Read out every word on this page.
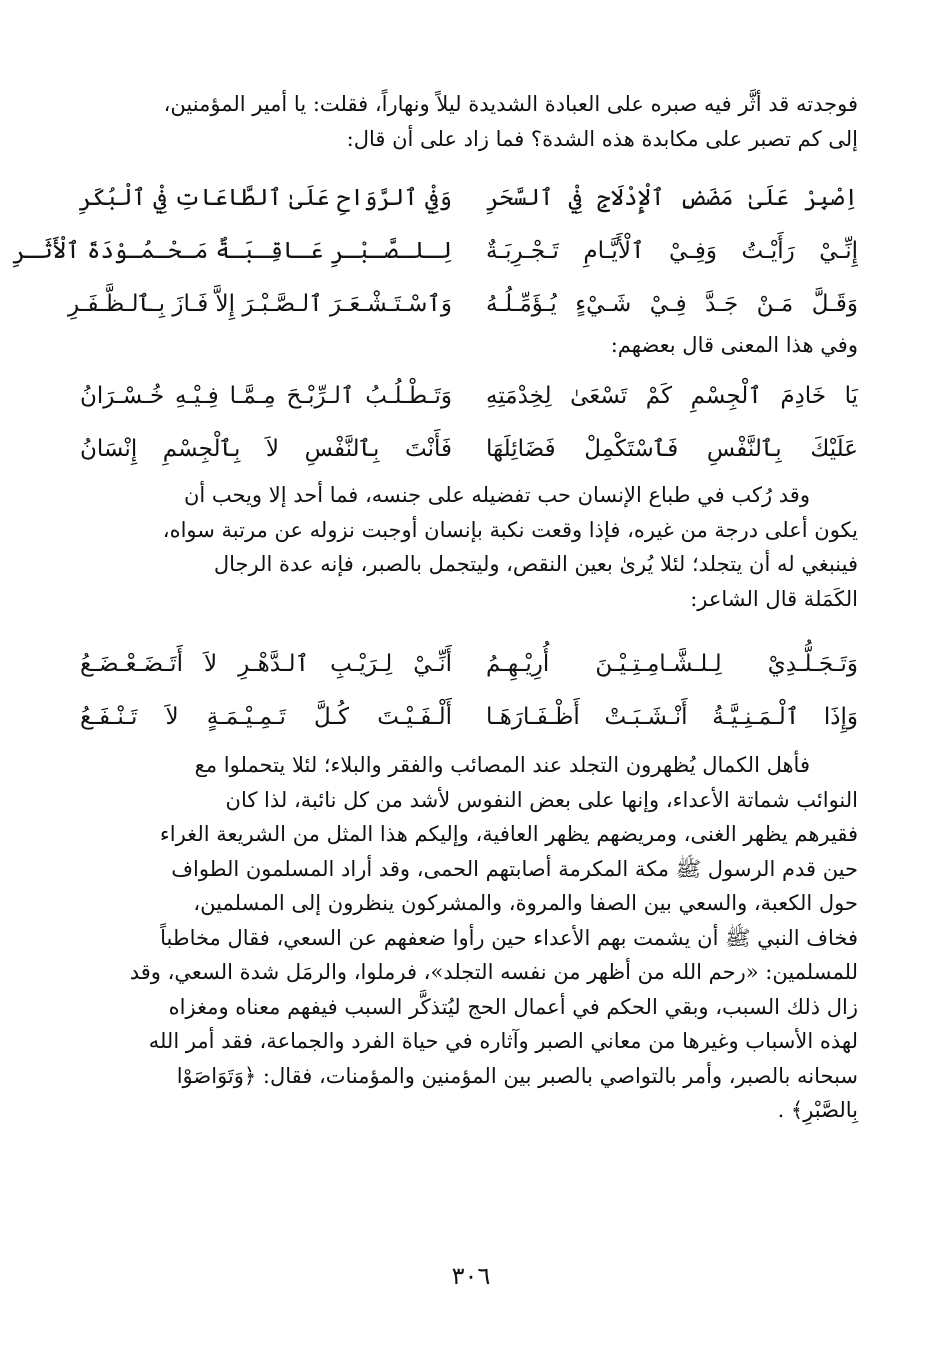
فوجدته قد أثَّر فيه صبره على العبادة الشديدة ليلاً ونهاراً، فقلت: يا أمير المؤمنين،

إلى كم تصبر على مكابدة هذه الشدة؟ فما زاد على أن قال:

اِصْبِرْ عَلَىٰ مَضَضِ ٱلْإِدْلَاجِ فِيْ ٱلسَّحَرِ
وَفِيْ ٱلرَّوَاحِ عَلَىٰ ٱلطَّاعَاتِ فِيْ ٱلْبُكَرِ
إِنِّـيْ رَأَيْـتُ وَفِـيْ ٱلْأَيَّـامِ تَـجْـرِبَـةٌ
لِـلـصَّـبْـرِ عَـاقِـبَـةٌ مَـحْـمُـوْدَةَ ٱلْأَثَـرِ
وَقَـلَّ مَـنْ جَـدَّ فِـيْ شَـيْءٍ يُـؤَمِّـلُـهُ
وَٱسْـتَـشْـعَـرَ ٱلـصَّـبْـرَ إِلاَّ فَـازَ بِـٱلـظَّـفَـرِ
وفي هذا المعنى قال بعضهم:
يَا خَادِمَ ٱلْجِسْمِ كَمْ تَسْعَىٰ لِخِدْمَتِهِ
وَتَـطْـلُـبُ ٱلـرِّبْـحَ مِـمَّـا فِـيْـهِ خُـسْـرَانُ
عَلَيْكَ بِٱلنَّفْسِ فَٱسْتَكْمِلْ فَضَائِلَهَا
فَأَنْتَ بِٱلنَّفْسِ لاَ بِٱلْجِسْمِ إِنْسَانُ

وقد رُكب في طباع الإنسان حب تفضيله على جنسه، فما أحد إلا ويحب أن

يكون أعلى درجة من غيره، فإذا وقعت نكبة بإنسان أوجبت نزوله عن مرتبة سواه،

فينبغي له أن يتجلد؛ لئلا يُرىٰ بعين النقص، وليتجمل بالصبر، فإنه عدة الرجال

الكَمَلة قال الشاعر:

وَتَـجَـلُّـدِيْ لِـلـشَّـامِـتِـيْـنَ أُرِيْـهِـمُ
أَنِّـيْ لِـرَيْـبِ ٱلـدَّهْـرِ لاَ أَتَـضَـعْـضَـعُ
وَإِذَا ٱلْـمَـنِـيَّـةُ أَنْـشَـبَـتْ أَظْـفَـارَهَـا
أَلْـفَـيْـتَ كُـلَّ تَـمِـيْـمَـةٍ لاَ تَـنْـفَـعُ

فأهل الكمال يُظهرون التجلد عند المصائب والفقر والبلاء؛ لئلا يتحملوا مع

النوائب شماتة الأعداء، وإنها على بعض النفوس لأشد من كل نائبة، لذا كان

فقيرهم يظهر الغنى، ومريضهم يظهر العافية، وإليكم هذا المثل من الشريعة الغراء

حين قدم الرسول ﷺ مكة المكرمة أصابتهم الحمى، وقد أراد المسلمون الطواف

حول الكعبة، والسعي بين الصفا والمروة، والمشركون ينظرون إلى المسلمين،

فخاف النبي ﷺ أن يشمت بهم الأعداء حين رأوا ضعفهم عن السعي، فقال مخاطباً

للمسلمين: «رحم الله من أظهر من نفسه التجلد»، فرملوا، والرمَل شدة السعي، وقد

زال ذلك السبب، وبقي الحكم في أعمال الحج ليُتذكَّر السبب فيفهم معناه ومغزاه

لهذه الأسباب وغيرها من معاني الصبر وآثاره في حياة الفرد والجماعة، فقد أمر الله

سبحانه بالصبر، وأمر بالتواصي بالصبر بين المؤمنين والمؤمنات، فقال: ﴿وَتَوَاصَوْا

بِالصَّبْرِ﴾ .

٣٠٦
